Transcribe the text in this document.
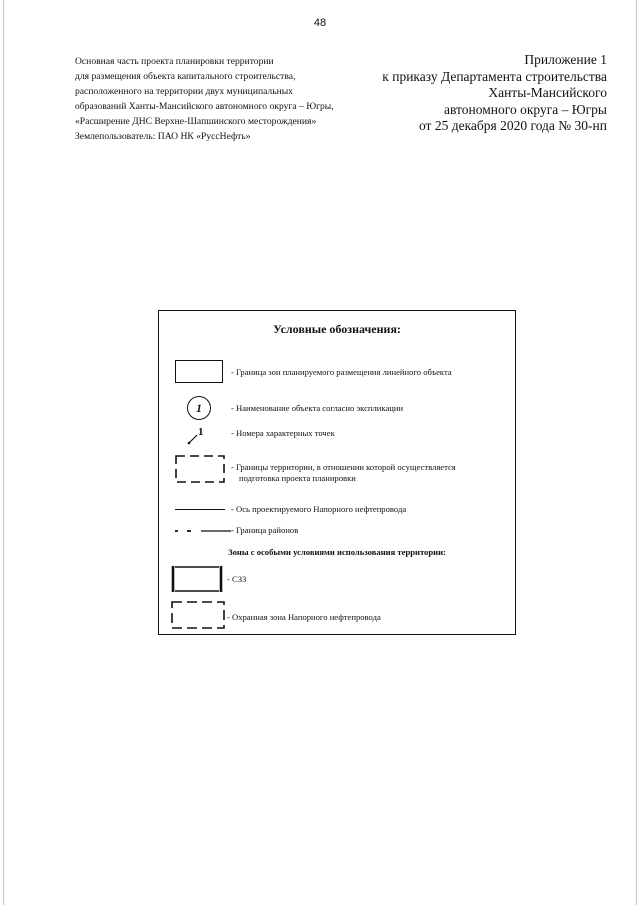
48
Основная часть проекта планировки территории
для размещения объекта капитального строительства,
расположенного на территории двух муниципальных
образований Ханты-Мансийского автономного округа – Югры,
«Расширение ДНС Верхне-Шапшинского месторождения»
Землепользователь: ПАО НК «РуссНефть»
Приложение 1
к приказу Департамента строительства
Ханты-Мансийского
автономного округа – Югры
от 25 декабря 2020 года № 30-нп
Условные обозначения:
- Граница зон планируемого размещения линейного объекта
1	- Наименование объекта согласно экспликации
1	- Номера характерных точек
- Границы территории, в отношении которой осуществляется
подготовка проекта планировки
- Ось проектируемого Напорного нефтепровода
- Граница районов
Зоны с особыми условиями использования территории:
- СЗЗ
- Охранная зона Напорного нефтепровода
